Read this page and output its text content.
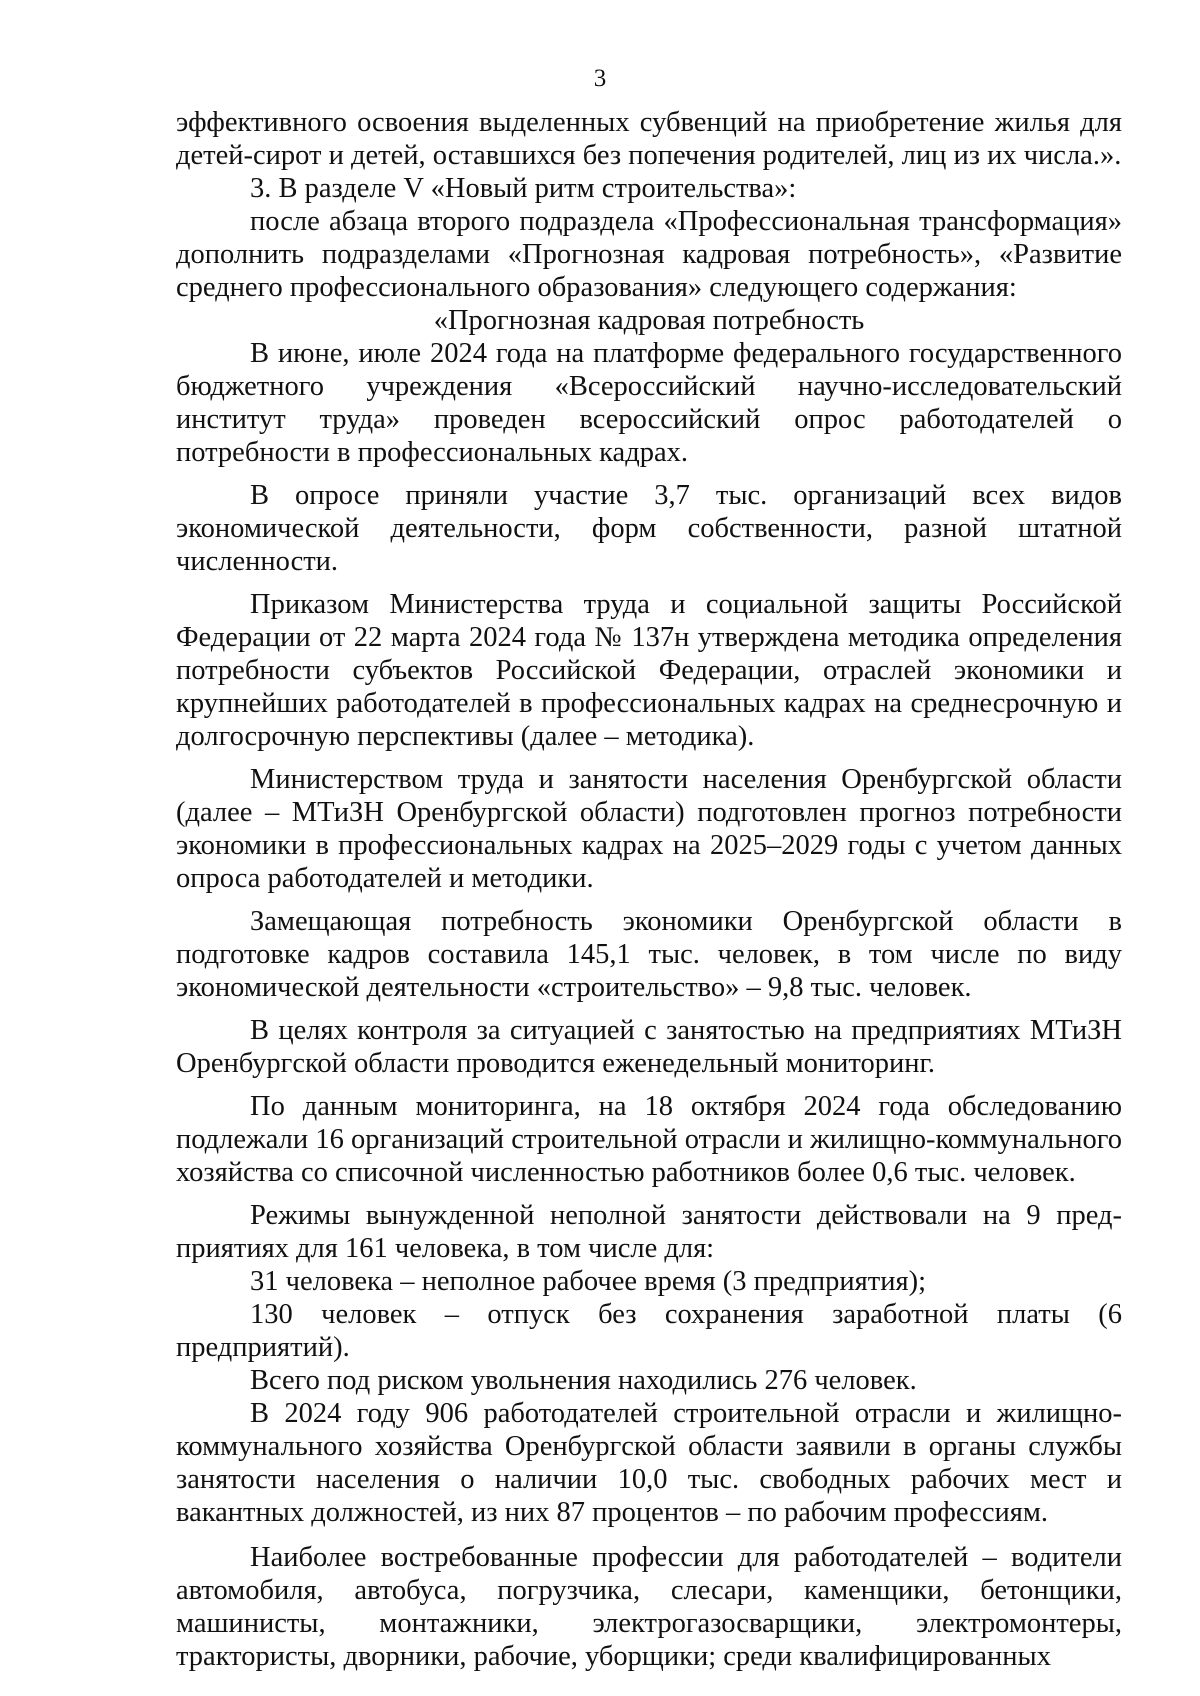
3

эффективного освоения выделенных субвенций на приобретение жилья для детей-сирот и детей, оставшихся без попечения родителей, лиц из их числа.».

3. В разделе V «Новый ритм строительства»:

после абзаца второго подраздела «Профессиональная трансформация» дополнить подразделами «Прогнозная кадровая потребность», «Развитие среднего профессионального образования» следующего содержания:

«Прогнозная кадровая потребность

В июне, июле 2024 года на платформе федерального государственного бюджетного учреждения «Всероссийский научно-исследовательский институт труда» проведен всероссийский опрос работодателей о потребности в профессиональных кадрах.

В опросе приняли участие 3,7 тыс. организаций всех видов экономической деятельности, форм собственности, разной штатной численности.

Приказом Министерства труда и социальной защиты Российской Федерации от 22 марта 2024 года № 137н утверждена методика определения потребности субъектов Российской Федерации, отраслей экономики и крупнейших работодателей в профессиональных кадрах на среднесрочную и долгосрочную перспективы (далее – методика).

Министерством труда и занятости населения Оренбургской области (далее – МТиЗН Оренбургской области) подготовлен прогноз потребности экономики в профессиональных кадрах на 2025–2029 годы с учетом данных опроса работодателей и методики.

Замещающая потребность экономики Оренбургской области в подготовке кадров составила 145,1 тыс. человек, в том числе по виду экономической деятельности «строительство» – 9,8 тыс. человек.

В целях контроля за ситуацией с занятостью на предприятиях МТиЗН Оренбургской области проводится еженедельный мониторинг.

По данным мониторинга, на 18 октября 2024 года обследованию подлежали 16 организаций строительной отрасли и жилищно-коммунального хозяйства со списочной численностью работников более 0,6 тыс. человек.

Режимы вынужденной неполной занятости действовали на 9 предприятиях для 161 человека, в том числе для:

31 человека – неполное рабочее время (3 предприятия);

130 человек – отпуск без сохранения заработной платы (6 предприятий).

Всего под риском увольнения находились 276 человек.

В 2024 году 906 работодателей строительной отрасли и жилищно-коммунального хозяйства Оренбургской области заявили в органы службы занятости населения о наличии 10,0 тыс. свободных рабочих мест и вакантных должностей, из них 87 процентов – по рабочим профессиям.

Наиболее востребованные профессии для работодателей – водители автомобиля, автобуса, погрузчика, слесари, каменщики, бетонщики, машинисты, монтажники, электрогазосварщики, электромонтеры, трактористы, дворники, рабочие, уборщики; среди квалифицированных
